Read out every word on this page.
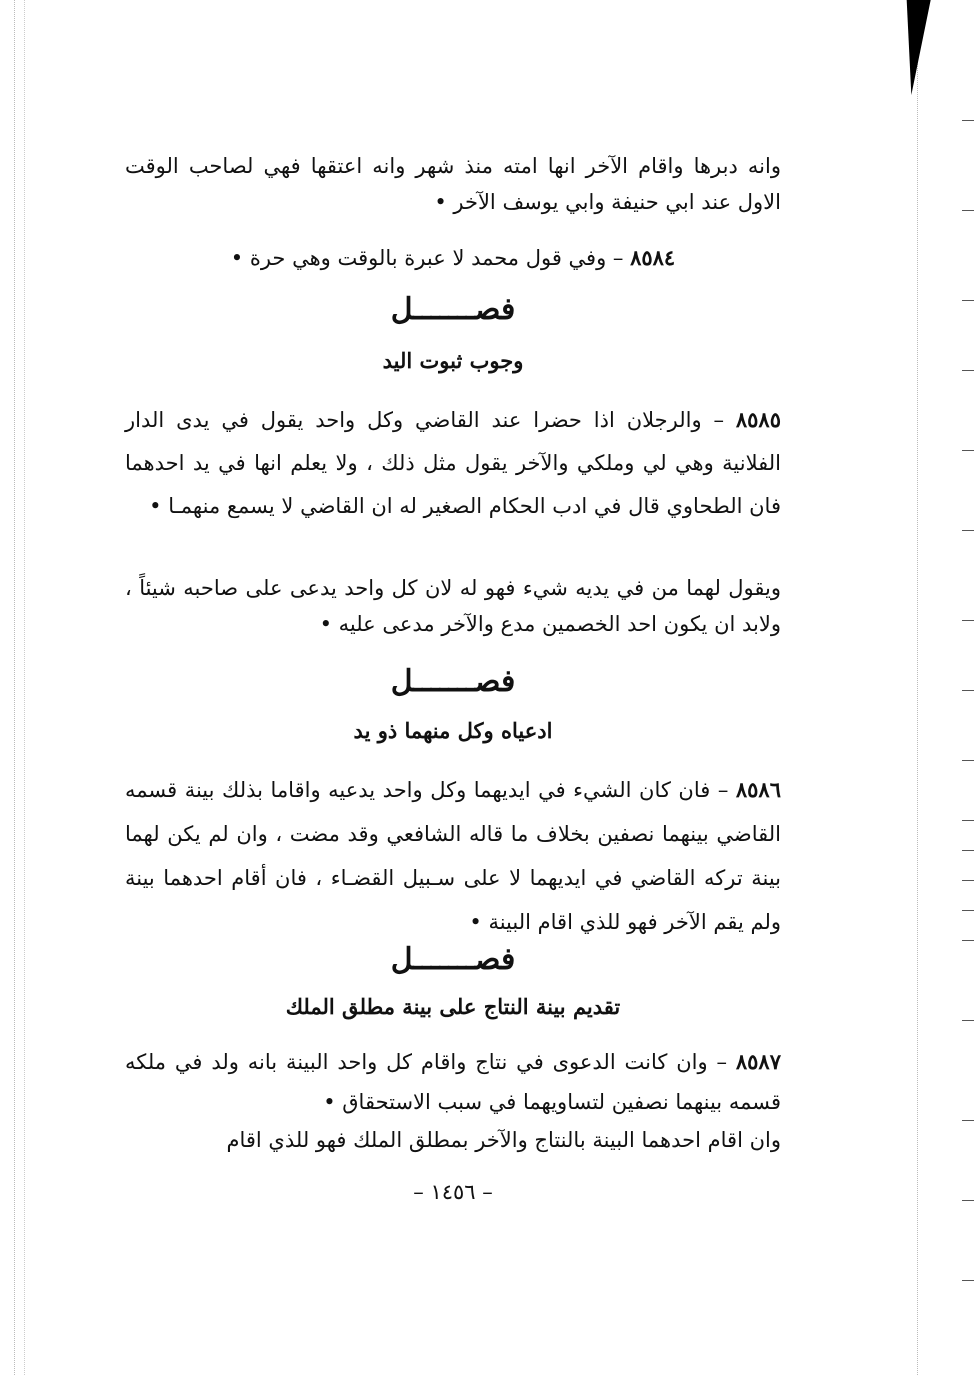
وانه دبرها واقام الآخر انها امته منذ شهر وانه اعتقها فهي لصاحب الوقت الاول عند ابي حنيفة وابي يوسف الآخر •
٨٥٨٤ – وفي قول محمد لا عبرة بالوقت وهي حرة •
فصـــــــل
وجوب ثبوت اليد
٨٥٨٥ – والرجلان اذا حضرا عند القاضي وكل واحد يقول في يدى الدار الفلانية وهي لي وملكي والآخر يقول مثل ذلك ، ولا يعلم انها في يد احدهما فان الطحاوي قال في ادب الحكام الصغير له ان القاضي لا يسمع منهمـا •
ويقول لهما من في يديه شيء فهو له لان كل واحد يدعى على صاحبه شيئاً ، ولابد ان يكون احد الخصمين مدع والآخر مدعى عليه •
فصـــــــل
ادعياه وكل منهما ذو يد
٨٥٨٦ – فان كان الشيء في ايديهما وكل واحد يدعيه واقاما بذلك بينة قسمه القاضي بينهما نصفين بخلاف ما قاله الشافعي وقد مضت ، وان لم يكن لهما بينة تركه القاضي في ايديهما لا على سـبيل القضـاء ، فان أقام احدهما بينة ولم يقم الآخر فهو للذي اقام البينة •
فصـــــــل
تقديم بينة النتاج على بينة مطلق الملك
٨٥٨٧ – وان كانت الدعوى في نتاج واقام كل واحد البينة بانه ولد في ملكه قسمه بينهما نصفين لتساويهما في سبب الاستحقاق •
وان اقام احدهما البينة بالنتاج والآخر بمطلق الملك فهو للذي اقام
– ١٤٥٦ –
